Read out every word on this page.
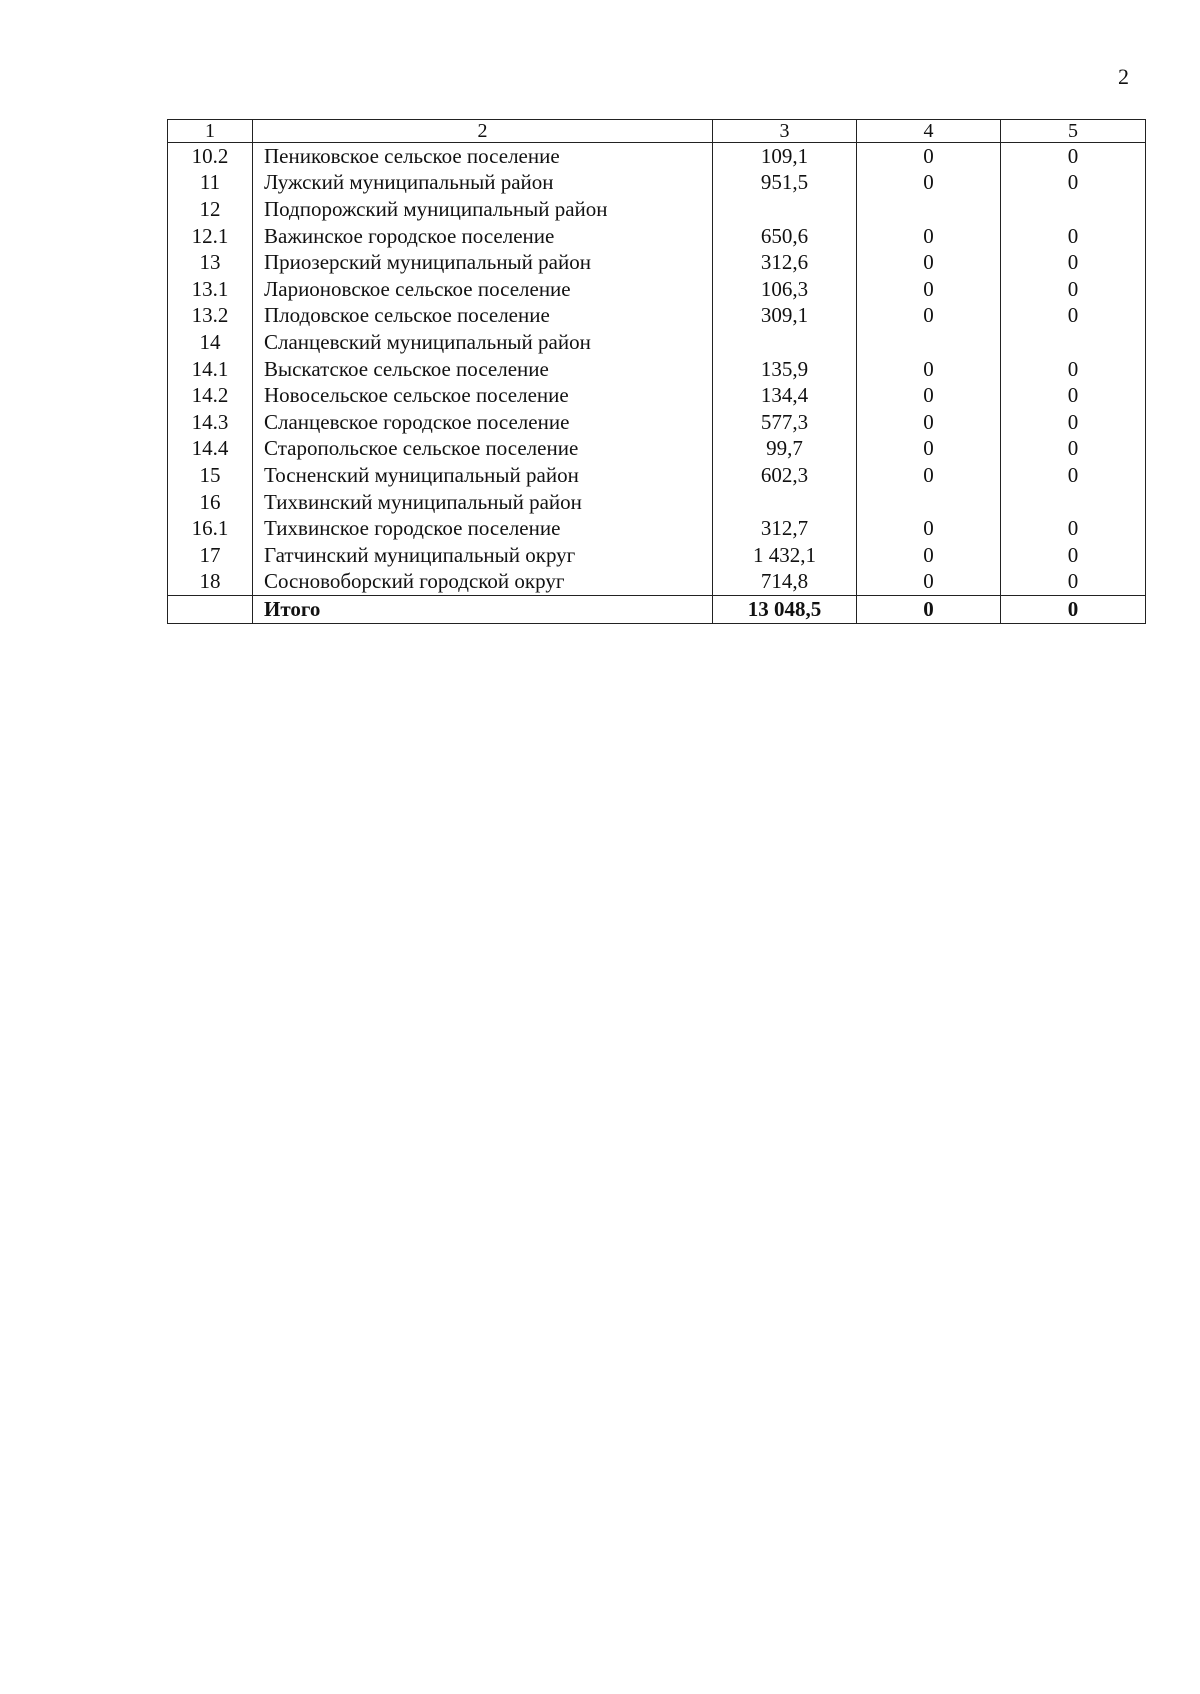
2
1	2	3	4	5
10.2	Пениковское сельское поселение	109,1	0	0
11	Лужский муниципальный район	951,5	0	0
12	Подпорожский муниципальный район			
12.1	Важинское городское поселение	650,6	0	0
13	Приозерский муниципальный район	312,6	0	0
13.1	Ларионовское сельское поселение	106,3	0	0
13.2	Плодовское сельское поселение	309,1	0	0
14	Сланцевский муниципальный район			
14.1	Выскатское сельское поселение	135,9	0	0
14.2	Новосельское сельское поселение	134,4	0	0
14.3	Сланцевское городское поселение	577,3	0	0
14.4	Старопольское сельское поселение	99,7	0	0
15	Тосненский муниципальный район	602,3	0	0
16	Тихвинский муниципальный район			
16.1	Тихвинское городское поселение	312,7	0	0
17	Гатчинский муниципальный округ	1 432,1	0	0
18	Сосновоборский городской округ	714,8	0	0
	Итого	13 048,5	0	0
